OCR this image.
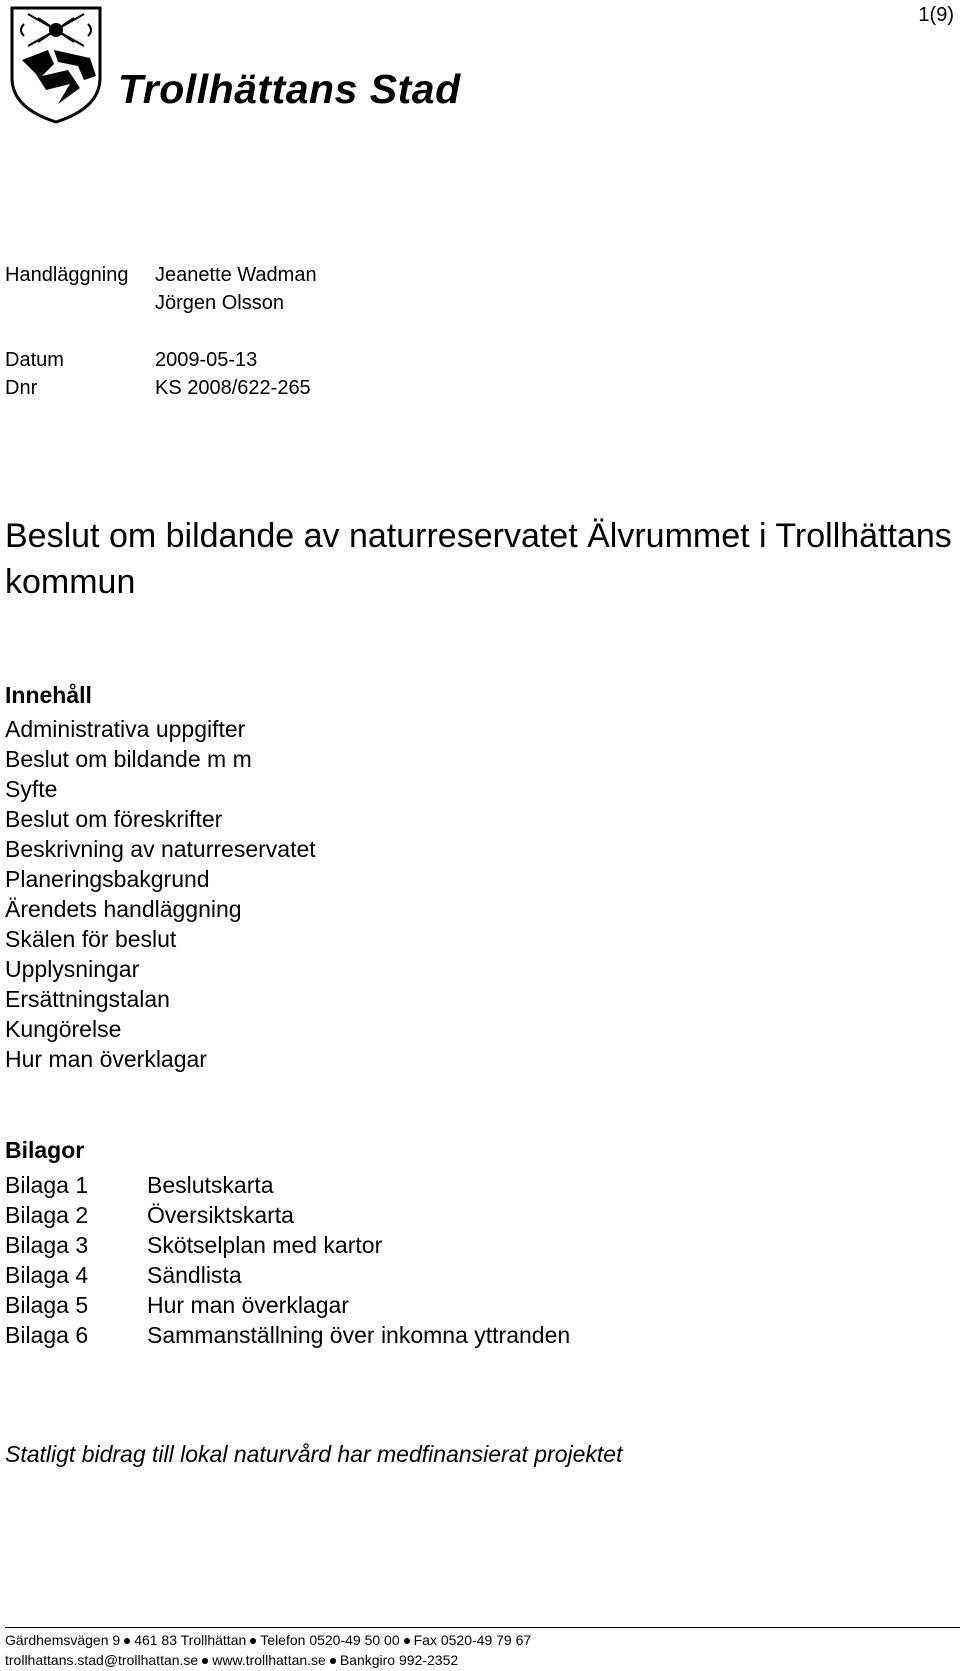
1(9)
Trollhättans Stad
Handläggning Jeanette Wadman
Jörgen Olsson
Datum	2009-05-13
Dnr	KS 2008/622-265
Beslut om bildande av naturreservatet Älvrummet i Trollhättans kommun
Innehåll
Administrativa uppgifter
Beslut om bildande m m
Syfte
Beslut om föreskrifter
Beskrivning av naturreservatet
Planeringsbakgrund
Ärendets handläggning
Skälen för beslut
Upplysningar
Ersättningstalan
Kungörelse
Hur man överklagar
Bilagor
Bilaga 1	Beslutskarta
Bilaga 2	Översiktskarta
Bilaga 3	Skötselplan med kartor
Bilaga 4	Sändlista
Bilaga 5	Hur man överklagar
Bilaga 6	Sammanställning över inkomna yttranden
Statligt bidrag till lokal naturvård har medfinansierat projektet
Gärdhemsvägen 9 461 83 Trollhättan Telefon 0520-49 50 00 Fax 0520-49 79 67
trollhattans.stad@trollhattan.se www.trollhattan.se Bankgiro 992-2352
